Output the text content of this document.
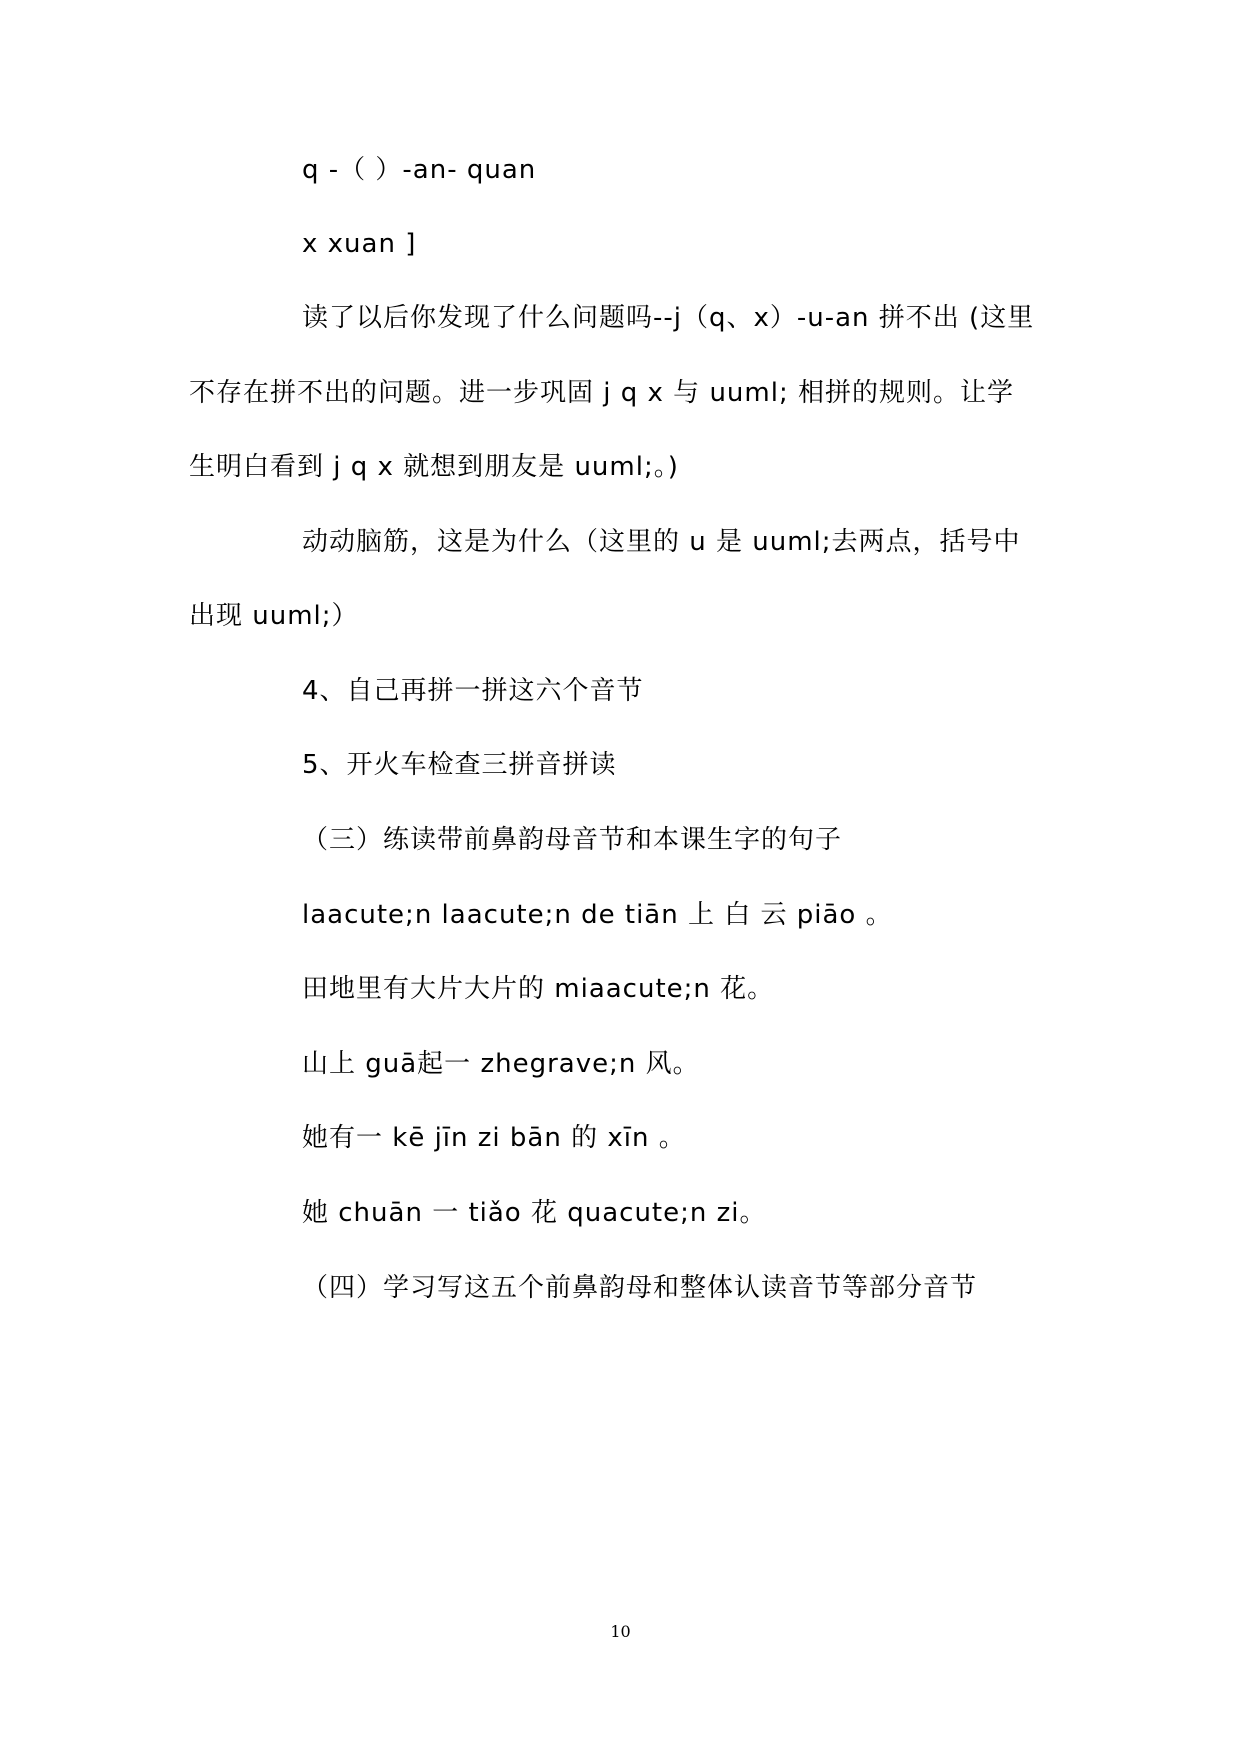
q -（ ）-an- quan
x xuan ]
读了以后你发现了什么问题吗--j（q、x）-u-an 拼不出 (这里
不存在拼不出的问题。进一步巩固 j q x 与 uuml; 相拼的规则。让学
生明白看到 j q x 就想到朋友是 uuml;。)
动动脑筋，这是为什么（这里的 u 是 uuml;去两点，括号中
出现 uuml;）
4、自己再拼一拼这六个音节
5、开火车检查三拼音拼读
（三）练读带前鼻韵母音节和本课生字的句子
laacute;n laacute;n de tiān 上 白 云 piāo 。
田地里有大片大片的 miaacute;n 花。
山上 guā起一 zhegrave;n 风。
她有一 kē jīn zi bān 的 xīn 。
她 chuān 一 tiǎo 花 quacute;n zi。
（四）学习写这五个前鼻韵母和整体认读音节等部分音节
10
